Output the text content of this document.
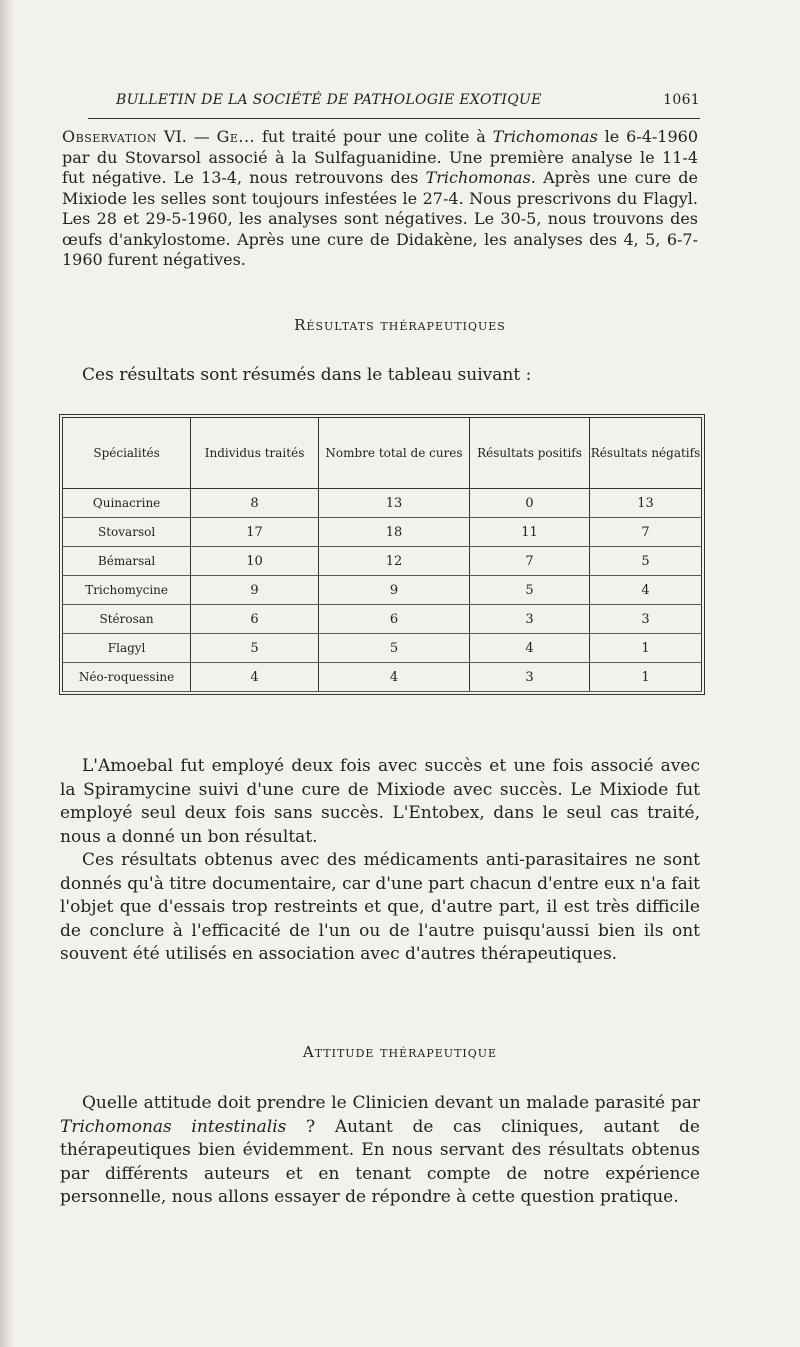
BULLETIN DE LA SOCIÉTÉ DE PATHOLOGIE EXOTIQUE	1061
Observation VI. — Ge... fut traité pour une colite à Trichomonas le 6-4-1960 par du Stovarsol associé à la Sulfaguanidine. Une première analyse le 11-4 fut négative. Le 13-4, nous retrouvons des Trichomonas. Après une cure de Mixiode les selles sont toujours infestées le 27-4. Nous prescrivons du Flagyl. Les 28 et 29-5-1960, les analyses sont négatives. Le 30-5, nous trouvons des œufs d'ankylostome. Après une cure de Didakène, les analyses des 4, 5, 6-7-1960 furent négatives.
Résultats thérapeutiques
Ces résultats sont résumés dans le tableau suivant :
Spécialités	Individus traités	Nombre total de cures	Résultats positifs	Résultats négatifs
Quinacrine	8	13	0	13
Stovarsol	17	18	11	7
Bémarsal	10	12	7	5
Trichomycine	9	9	5	4
Stérosan	6	6	3	3
Flagyl	5	5	4	1
Néo-roquessine	4	4	3	1
L'Amoebal fut employé deux fois avec succès et une fois associé avec la Spiramycine suivi d'une cure de Mixiode avec succès. Le Mixiode fut employé seul deux fois sans succès. L'Entobex, dans le seul cas traité, nous a donné un bon résultat.
Ces résultats obtenus avec des médicaments anti-parasitaires ne sont donnés qu'à titre documentaire, car d'une part chacun d'entre eux n'a fait l'objet que d'essais trop restreints et que, d'autre part, il est très difficile de conclure à l'efficacité de l'un ou de l'autre puisqu'aussi bien ils ont souvent été utilisés en association avec d'autres thérapeutiques.
Attitude thérapeutique
Quelle attitude doit prendre le Clinicien devant un malade parasité par Trichomonas intestinalis ? Autant de cas cliniques, autant de thérapeutiques bien évidemment. En nous servant des résultats obtenus par différents auteurs et en tenant compte de notre expérience personnelle, nous allons essayer de répondre à cette question pratique.
